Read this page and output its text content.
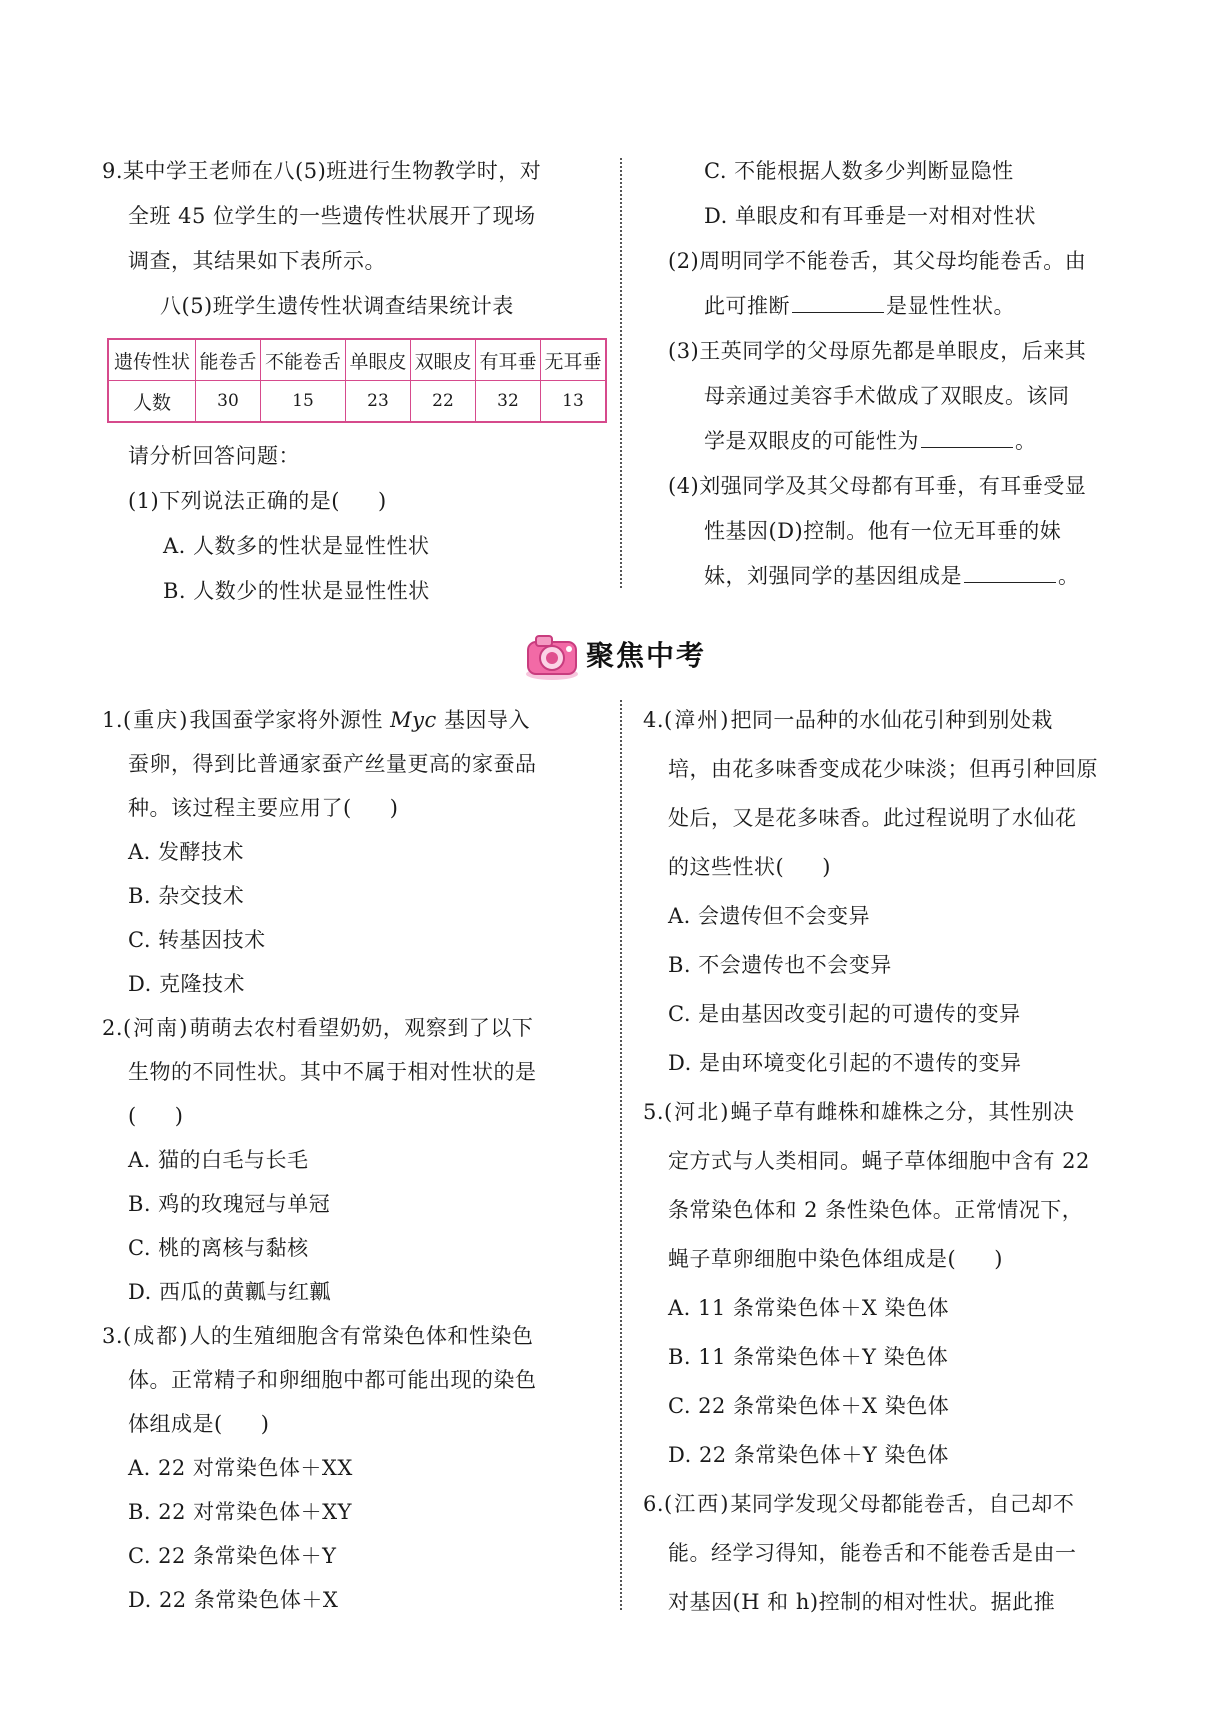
9.某中学王老师在八(5)班进行生物教学时，对
全班 45 位学生的一些遗传性状展开了现场
调查，其结果如下表所示。
八(5)班学生遗传性状调查结果统计表
遗传性状	能卷舌	不能卷舌	单眼皮	双眼皮	有耳垂	无耳垂
人数	30	15	23	22	32	13
请分析回答问题：
(1)下列说法正确的是( )
A. 人数多的性状是显性性状
B. 人数少的性状是显性性状
C. 不能根据人数多少判断显隐性
D. 单眼皮和有耳垂是一对相对性状
(2)周明同学不能卷舌，其父母均能卷舌。由
此可推断	是显性性状。
(3)王英同学的父母原先都是单眼皮，后来其
母亲通过美容手术做成了双眼皮。该同
学是双眼皮的可能性为	。
(4)刘强同学及其父母都有耳垂，有耳垂受显
性基因(D)控制。他有一位无耳垂的妹
妹，刘强同学的基因组成是	。
聚焦中考
1.(重庆)我国蚕学家将外源性 Myc 基因导入
蚕卵，得到比普通家蚕产丝量更高的家蚕品
种。该过程主要应用了( )
A. 发酵技术
B. 杂交技术
C. 转基因技术
D. 克隆技术
2.(河南)萌萌去农村看望奶奶，观察到了以下
生物的不同性状。其中不属于相对性状的是
( )
A. 猫的白毛与长毛
B. 鸡的玫瑰冠与单冠
C. 桃的离核与黏核
D. 西瓜的黄瓤与红瓤
3.(成都)人的生殖细胞含有常染色体和性染色
体。正常精子和卵细胞中都可能出现的染色
体组成是( )
A. 22 对常染色体＋XX
B. 22 对常染色体＋XY
C. 22 条常染色体＋Y
D. 22 条常染色体＋X
4.(漳州)把同一品种的水仙花引种到别处栽
培，由花多味香变成花少味淡；但再引种回原
处后，又是花多味香。此过程说明了水仙花
的这些性状( )
A. 会遗传但不会变异
B. 不会遗传也不会变异
C. 是由基因改变引起的可遗传的变异
D. 是由环境变化引起的不遗传的变异
5.(河北)蝇子草有雌株和雄株之分，其性别决
定方式与人类相同。蝇子草体细胞中含有 22
条常染色体和 2 条性染色体。正常情况下，
蝇子草卵细胞中染色体组成是( )
A. 11 条常染色体＋X 染色体
B. 11 条常染色体＋Y 染色体
C. 22 条常染色体＋X 染色体
D. 22 条常染色体＋Y 染色体
6.(江西)某同学发现父母都能卷舌，自己却不
能。经学习得知，能卷舌和不能卷舌是由一
对基因(H 和 h)控制的相对性状。据此推
